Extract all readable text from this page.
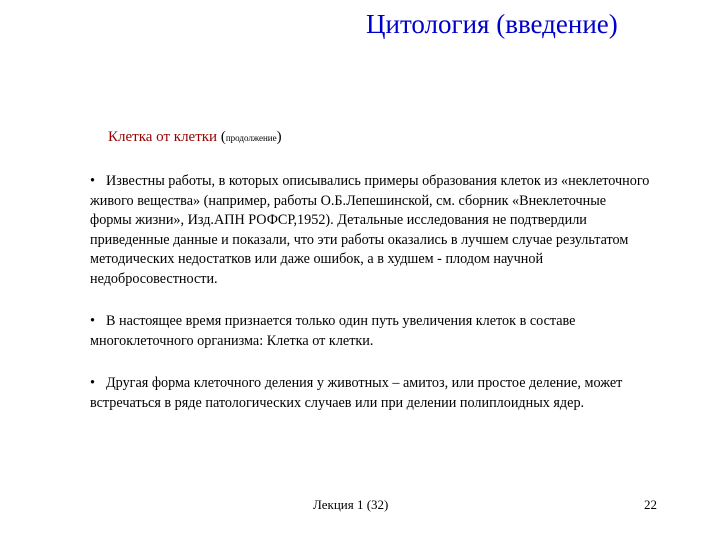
Цитология (введение)
Клетка от клетки (продолжение)
• Известны работы, в которых описывались примеры образования клеток из «неклеточного живого вещества» (например, работы О.Б.Лепешинской, см. сборник «Внеклеточные формы жизни», Изд.АПН РОФСР,1952). Детальные исследования не подтвердили приведенные данные и показали, что эти работы оказались в лучшем случае результатом методических недостатков или даже ошибок, а в худшем - плодом научной недобросовестности.
• В настоящее время признается только один путь увеличения клеток в составе многоклеточного организма: Клетка от клетки.
• Другая форма клеточного деления у животных – амитоз, или простое деление, может встречаться в ряде патологических случаев или при делении полиплоидных ядер.
Лекция 1 (32)	22
